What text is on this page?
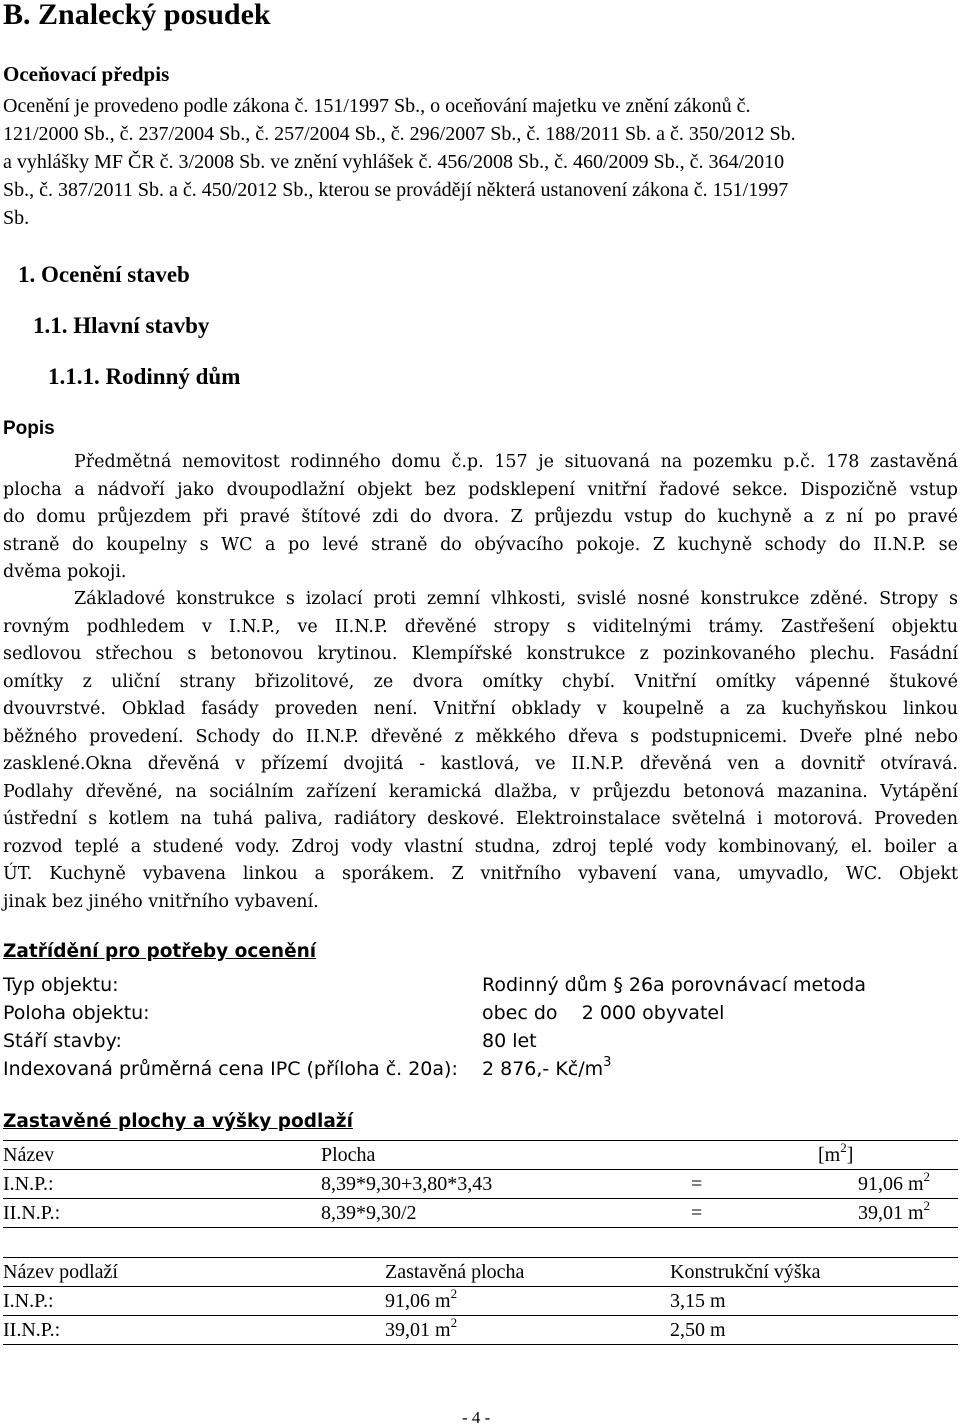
B. Znalecký posudek
Oceňovací předpis
Ocenění je provedeno podle zákona č. 151/1997 Sb., o oceňování majetku ve znění zákonů č.
121/2000 Sb., č. 237/2004 Sb., č. 257/2004 Sb., č. 296/2007 Sb., č. 188/2011 Sb. a č. 350/2012 Sb.
a vyhlášky MF ČR č. 3/2008 Sb. ve znění vyhlášek č. 456/2008 Sb., č. 460/2009 Sb., č. 364/2010
Sb., č. 387/2011 Sb. a č. 450/2012 Sb., kterou se provádějí některá ustanovení zákona č. 151/1997
Sb.
1. Ocenění staveb
1.1. Hlavní stavby
1.1.1. Rodinný dům
Popis
Předmětná nemovitost rodinného domu č.p. 157 je situovaná na pozemku p.č. 178 zastavěná
plocha a nádvoří jako dvoupodlažní objekt bez podsklepení vnitřní řadové sekce. Dispozičně vstup
do domu průjezdem při pravé štítové zdi do dvora. Z průjezdu vstup do kuchyně a z ní po pravé
straně do koupelny s WC a po levé straně do obývacího pokoje. Z kuchyně schody do II.N.P. se
dvěma pokoji.
Základové konstrukce s izolací proti zemní vlhkosti, svislé nosné konstrukce zděné. Stropy s
rovným podhledem v I.N.P., ve II.N.P. dřevěné stropy s viditelnými trámy. Zastřešení objektu
sedlovou střechou s betonovou krytinou. Klempířské konstrukce z pozinkovaného plechu. Fasádní
omítky z uliční strany břizolitové, ze dvora omítky chybí. Vnitřní omítky vápenné štukové
dvouvrstvé. Obklad fasády proveden není. Vnitřní obklady v koupelně a za kuchyňskou linkou
běžného provedení. Schody do II.N.P. dřevěné z měkkého dřeva s podstupnicemi. Dveře plné nebo
zasklené.Okna dřevěná v přízemí dvojitá - kastlová, ve II.N.P. dřevěná ven a dovnitř otvíravá.
Podlahy dřevěné, na sociálním zařízení keramická dlažba, v průjezdu betonová mazanina. Vytápění
ústřední s kotlem na tuhá paliva, radiátory deskové. Elektroinstalace světelná i motorová. Proveden
rozvod teplé a studené vody. Zdroj vody vlastní studna, zdroj teplé vody kombinovaný, el. boiler a
ÚT. Kuchyně vybavena linkou a sporákem. Z vnitřního vybavení vana, umyvadlo, WC. Objekt
jinak bez jiného vnitřního vybavení.
Zatřídění pro potřeby ocenění
Typ objektu:	Rodinný dům § 26a porovnávací metoda
Poloha objektu:	obec do    2 000 obyvatel
Stáří stavby:	80 let
Indexovaná průměrná cena IPC (příloha č. 20a): 2 876,- $Kč/m^3$
Zastavěné plochy a výšky podlaží
Název	Plocha		$[m^2]$
I.N.P.:	8,39*9,30+3,80*3,43	=	91,06 $m^2$
II.N.P.:	8,39*9,30/2	=	39,01 $m^2$
Název podlaží	Zastavěná plocha	Konstrukční výška
I.N.P.:	91,06 $m^2$	3,15 m
II.N.P.:	39,01 $m^2$	2,50 m
- 4 -
